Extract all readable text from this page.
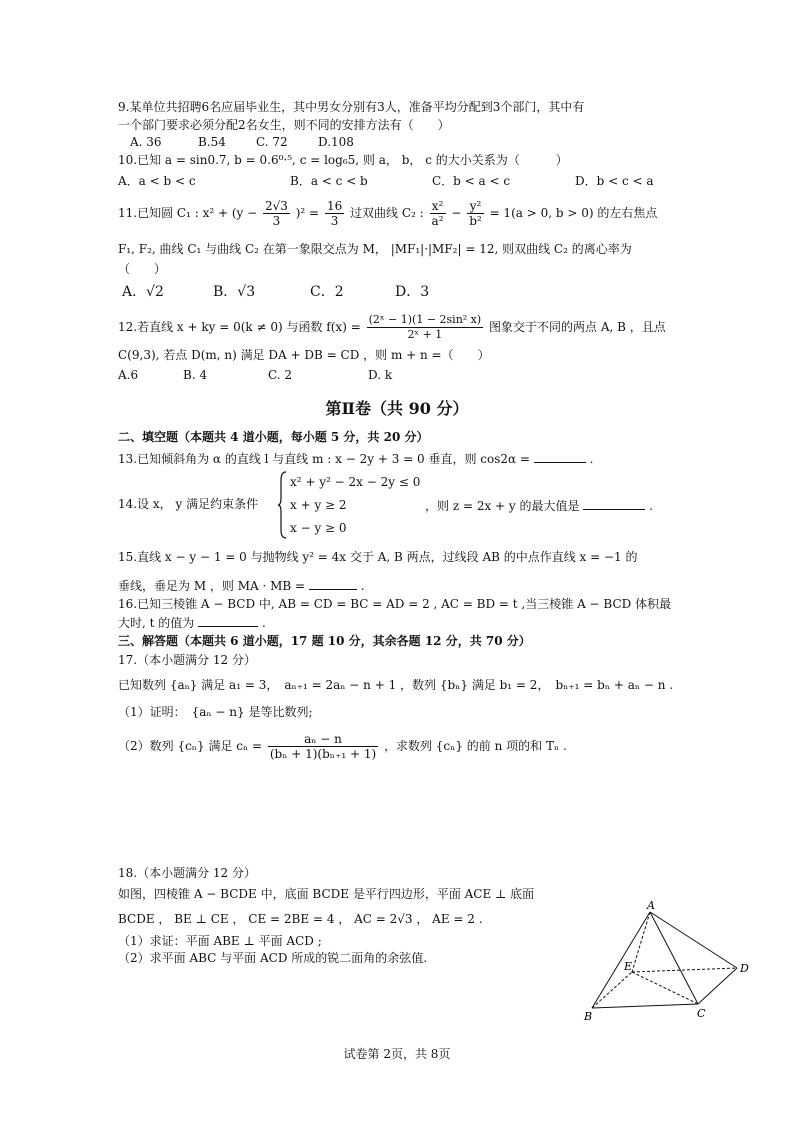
9.某单位共招聘6名应届毕业生，其中男女分别有3人，准备平均分配到3个部门，其中有
一个部门要求必须分配2名女生，则不同的安排方法有（　　）
A. 36	B.54	C. 72	D.108
10.已知 a = sin0.7, b = 0.6⁰·⁵, c = log₆5, 则 a， b， c 的大小关系为（　　　）
A．a < b < c	B．a < c < b	C．b < a < c	D．b < c < a
11.已知圆 C₁ : $x^2 + (y - \frac{2√3}{3} )^2 = \frac{16}{3}$ 过双曲线 C₂ : $\frac{\text{x²}}{\text{a²}} - \frac{\text{y²}}{\text{b²}} = 1(a > 0$, b > 0) 的左右焦点
F₁, F₂, 曲线 C₁ 与曲线 C₂ 在第一象限交点为 M， |MF₁|·|MF₂| = 12, 则双曲线 C₂ 的离心率为
（　　）
A．√2	B．√3	C．2	D．3
12.若直线 x + ky = 0(k ≠ 0) 与函数 $f(x) = \frac{\text{(2ˣ − 1)(1 − 2sin² x)}}{\text{2ˣ + 1}}$ 图象交于不同的两点 A, B ，且点
C(9,3), 若点 D(m, n) 满足 DA + DB = CD ，则 m + n =（　　）
A.6	B. 4	C. 2	D. k
第Ⅱ卷（共 90 分）
二、填空题（本题共 4 道小题，每小题 5 分，共 20 分）
13.已知倾斜角为 α 的直线 l 与直线 m : x − 2y + 3 = 0 垂直，则 cos2α =	.
14.设 x， y 满足约束条件
x² + y² − 2x − 2y ≤ 0
x + y ≥ 2
x − y ≥ 0
，则 z = 2x + y 的最大值是	.
15.直线 x − y − 1 = 0 与抛物线 y² = 4x 交于 A, B 两点，过线段 AB 的中点作直线 x = −1 的
垂线，垂足为 M ，则 MA · MB =	.
16.已知三棱锥 A − BCD 中, AB = CD = BC = AD = 2 , AC = BD = t ,当三棱锥 A − BCD 体积最
大时, t 的值为	.
三、解答题（本题共 6 道小题，17 题 10 分，其余各题 12 分，共 70 分）
17.（本小题满分 12 分）
已知数列 {aₙ} 满足 a₁ = 3，　aₙ₊₁ = 2aₙ − n + 1 ，数列 {bₙ} 满足 b₁ = 2，　bₙ₊₁ = bₙ + aₙ − n .
（1）证明：　{aₙ − n} 是等比数列;
（2）数列 {cₙ} 满足 $c_n = \frac{\text{aₙ − n}}{\text{(bₙ + 1)(bₙ₊₁ + 1)}}$ ，求数列 {cₙ} 的前 n 项的和 Tₙ .
18.（本小题满分 12 分）
如图，四棱锥 A − BCDE 中，底面 BCDE 是平行四边形，平面 ACE ⊥ 底面
BCDE ， BE ⊥ CE ， CE = 2BE = 4 ， AC = 2√3 ， AE = 2 .
（1）求证：平面 ABE ⊥ 平面 ACD ;
（2）求平面 ABC 与平面 ACD 所成的锐二面角的余弦值.
A
B	C
D
E
试卷第 2页，共 8页
